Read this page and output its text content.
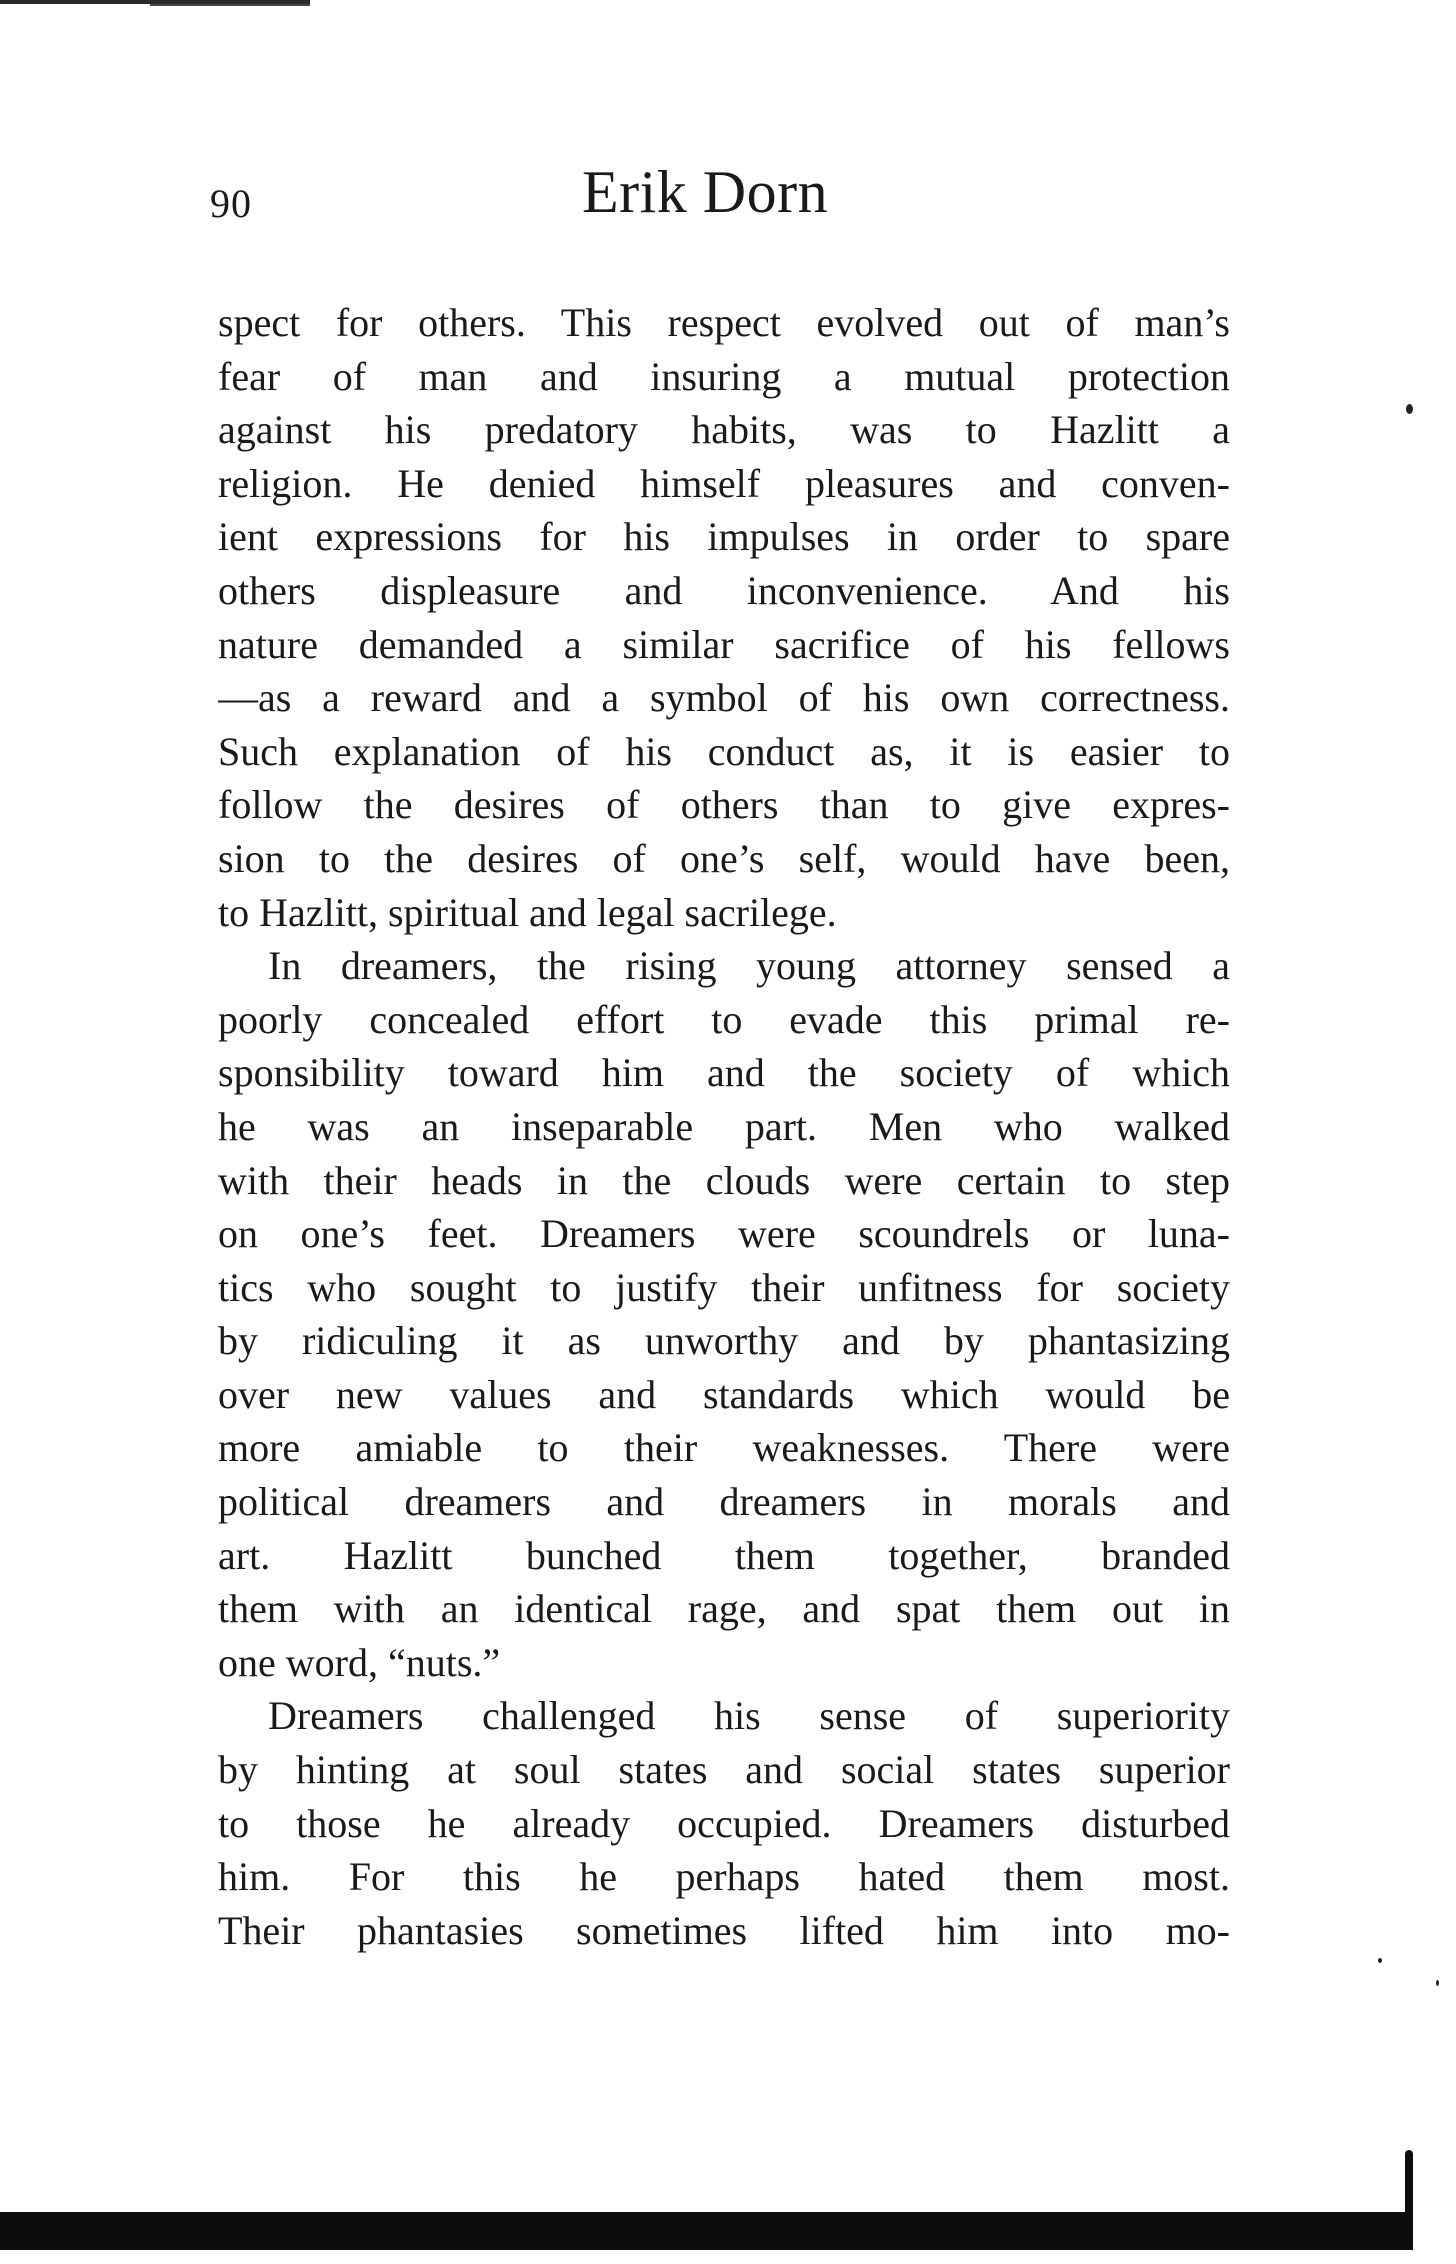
90	Erik Dorn
spect for others. This respect evolved out of man’s
fear of man and insuring a mutual protection
against his predatory habits, was to Hazlitt a
religion. He denied himself pleasures and conven-
ient expressions for his impulses in order to spare
others displeasure and inconvenience. And his
nature demanded a similar sacrifice of his fellows
—as a reward and a symbol of his own correctness.
Such explanation of his conduct as, it is easier to
follow the desires of others than to give expres-
sion to the desires of one’s self, would have been,
to Hazlitt, spiritual and legal sacrilege.
In dreamers, the rising young attorney sensed a
poorly concealed effort to evade this primal re-
sponsibility toward him and the society of which
he was an inseparable part. Men who walked
with their heads in the clouds were certain to step
on one’s feet. Dreamers were scoundrels or luna-
tics who sought to justify their unfitness for society
by ridiculing it as unworthy and by phantasizing
over new values and standards which would be
more amiable to their weaknesses. There were
political dreamers and dreamers in morals and
art. Hazlitt bunched them together, branded
them with an identical rage, and spat them out in
one word, “nuts.”
Dreamers challenged his sense of superiority
by hinting at soul states and social states superior
to those he already occupied. Dreamers disturbed
him. For this he perhaps hated them most.
Their phantasies sometimes lifted him into mo-
